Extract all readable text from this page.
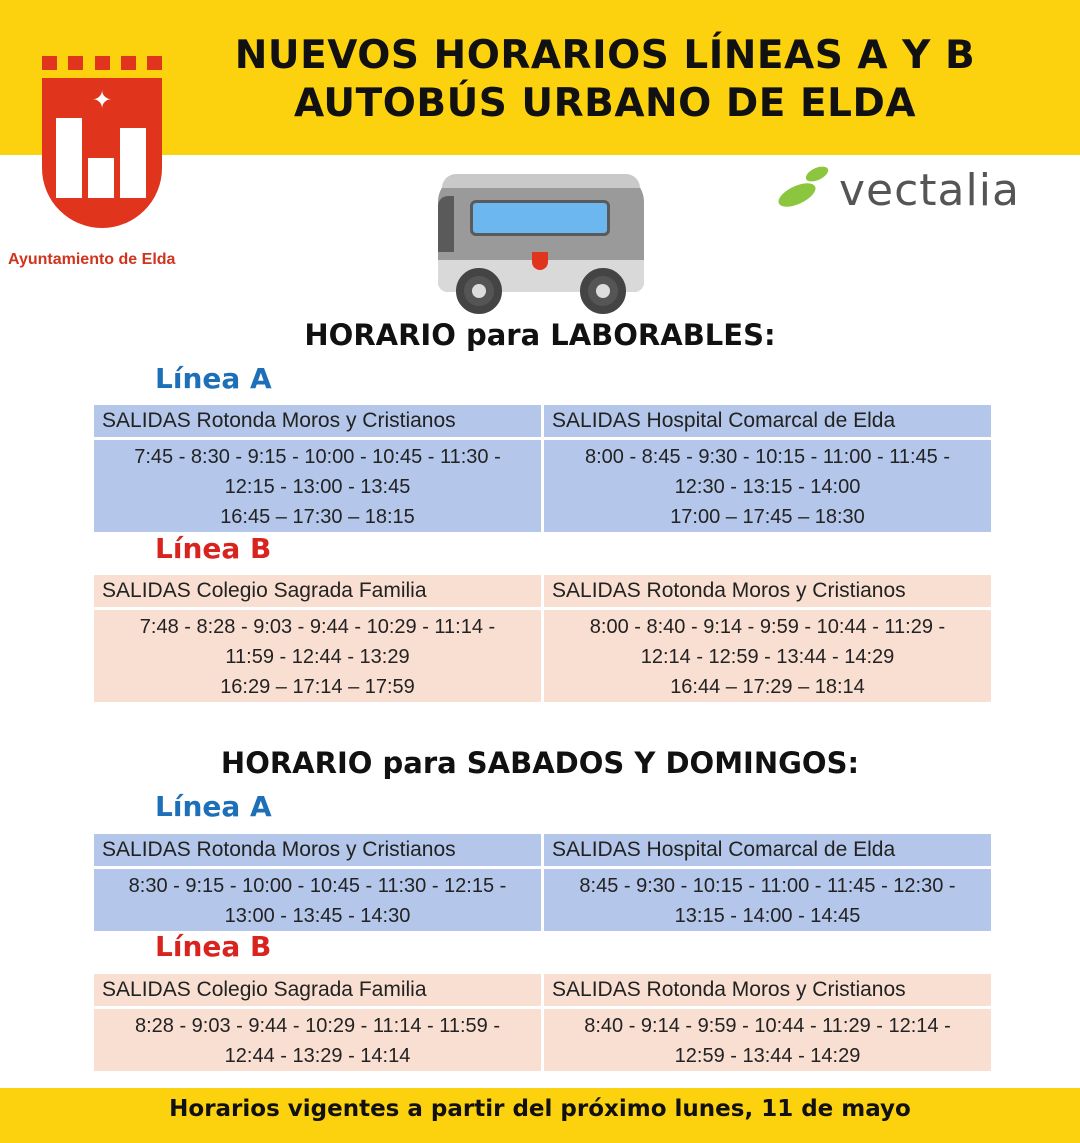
NUEVOS HORARIOS LÍNEAS A Y B
AUTOBÚS URBANO DE ELDA
✦
Ayuntamiento de Elda
vectalia
HORARIO para LABORABLES:
Línea A
SALIDAS Rotonda Moros y Cristianos
7:45 - 8:30 - 9:15 - 10:00 - 10:45 - 11:30 -
12:15 - 13:00 - 13:45
16:45 – 17:30 – 18:15
SALIDAS Hospital Comarcal de Elda
8:00 - 8:45 - 9:30 - 10:15 - 11:00 - 11:45 -
12:30 - 13:15 - 14:00
17:00 – 17:45 – 18:30
Línea B
SALIDAS Colegio Sagrada Familia
7:48 - 8:28 - 9:03 - 9:44 - 10:29 - 11:14 -
11:59 - 12:44 - 13:29
16:29 – 17:14 – 17:59
SALIDAS Rotonda Moros y Cristianos
8:00 - 8:40 - 9:14 - 9:59 - 10:44 - 11:29 -
12:14 - 12:59 - 13:44 - 14:29
16:44 – 17:29 – 18:14
HORARIO para SABADOS Y DOMINGOS:
Línea A
SALIDAS Rotonda Moros y Cristianos
8:30 - 9:15 - 10:00 - 10:45 - 11:30 - 12:15 -
13:00 - 13:45 - 14:30
SALIDAS Hospital Comarcal de Elda
8:45 - 9:30 - 10:15 - 11:00 - 11:45 - 12:30 -
13:15 - 14:00 - 14:45
Línea B
SALIDAS Colegio Sagrada Familia
8:28 - 9:03 - 9:44 - 10:29 - 11:14 - 11:59 -
12:44 - 13:29 - 14:14
SALIDAS Rotonda Moros y Cristianos
8:40 - 9:14 - 9:59 - 10:44 - 11:29 - 12:14 -
12:59 - 13:44 - 14:29
Horarios vigentes a partir del próximo lunes, 11 de mayo
